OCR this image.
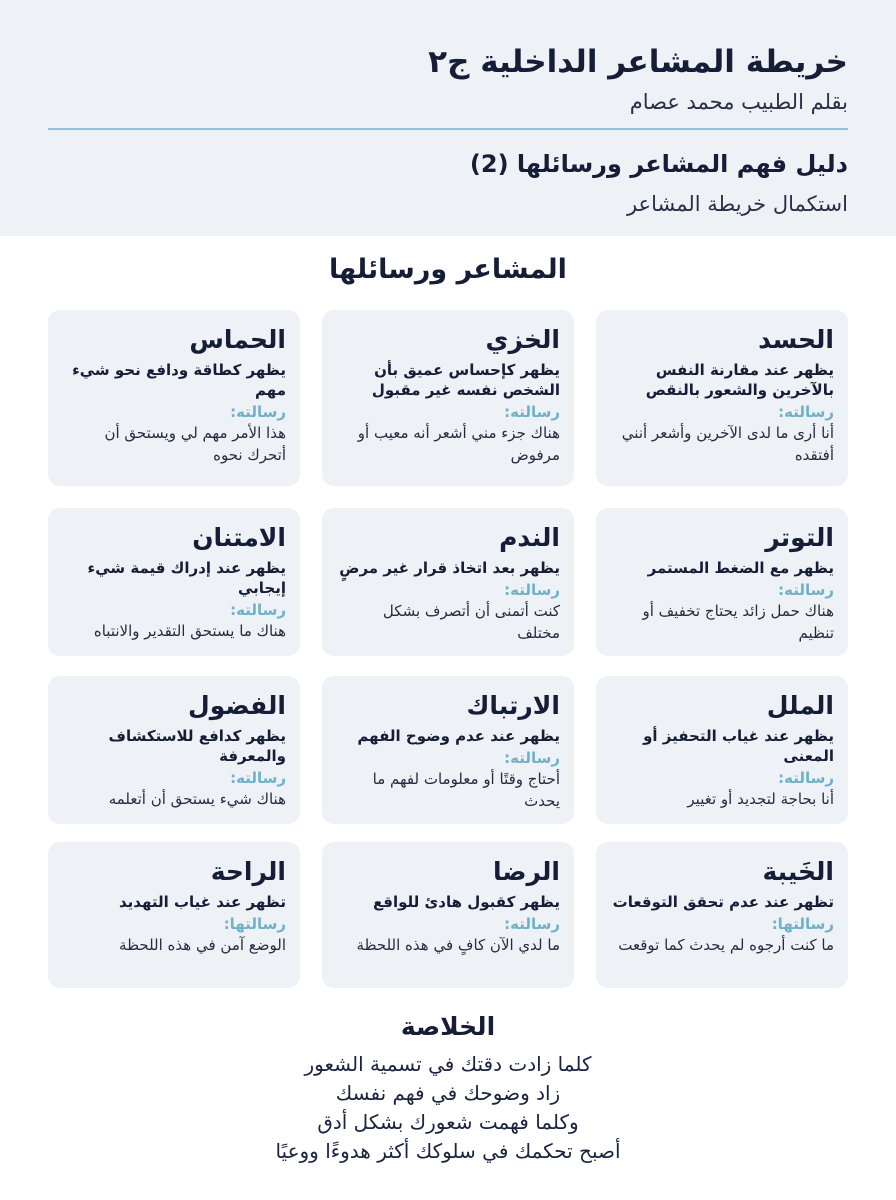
خريطة المشاعر الداخلية ج٢
بقلم الطبيب محمد عصام
دليل فهم المشاعر ورسائلها (2)
استكمال خريطة المشاعر
المشاعر ورسائلها
الحسد
يظهر عند مقارنة النفس بالآخرين والشعور بالنقص
رسالته:
أنا أرى ما لدى الآخرين وأشعر أنني أفتقده
الخزي
يظهر كإحساس عميق بأن الشخص نفسه غير مقبول
رسالته:
هناك جزء مني أشعر أنه معيب أو مرفوض
الحماس
يظهر كطاقة ودافع نحو شيء مهم
رسالته:
هذا الأمر مهم لي ويستحق أن أتحرك نحوه
التوتر
يظهر مع الضغط المستمر
رسالته:
هناك حمل زائد يحتاج تخفيف أو تنظيم
الندم
يظهر بعد اتخاذ قرار غير مرضٍ
رسالته:
كنت أتمنى أن أتصرف بشكل مختلف
الامتنان
يظهر عند إدراك قيمة شيء إيجابي
رسالته:
هناك ما يستحق التقدير والانتباه
الملل
يظهر عند غياب التحفيز أو المعنى
رسالته:
أنا بحاجة لتجديد أو تغيير
الارتباك
يظهر عند عدم وضوح الفهم
رسالته:
أحتاج وقتًا أو معلومات لفهم ما يحدث
الفضول
يظهر كدافع للاستكشاف والمعرفة
رسالته:
هناك شيء يستحق أن أتعلمه
الخَيبة
تظهر عند عدم تحقق التوقعات
رسالتها:
ما كنت أرجوه لم يحدث كما توقعت
الرضا
يظهر كقبول هادئ للواقع
رسالته:
ما لدي الآن كافٍ في هذه اللحظة
الراحة
تظهر عند غياب التهديد
رسالتها:
الوضع آمن في هذه اللحظة
الخلاصة
كلما زادت دقتك في تسمية الشعور
زاد وضوحك في فهم نفسك
وكلما فهمت شعورك بشكل أدق
أصبح تحكمك في سلوكك أكثر هدوءًا ووعيًا
